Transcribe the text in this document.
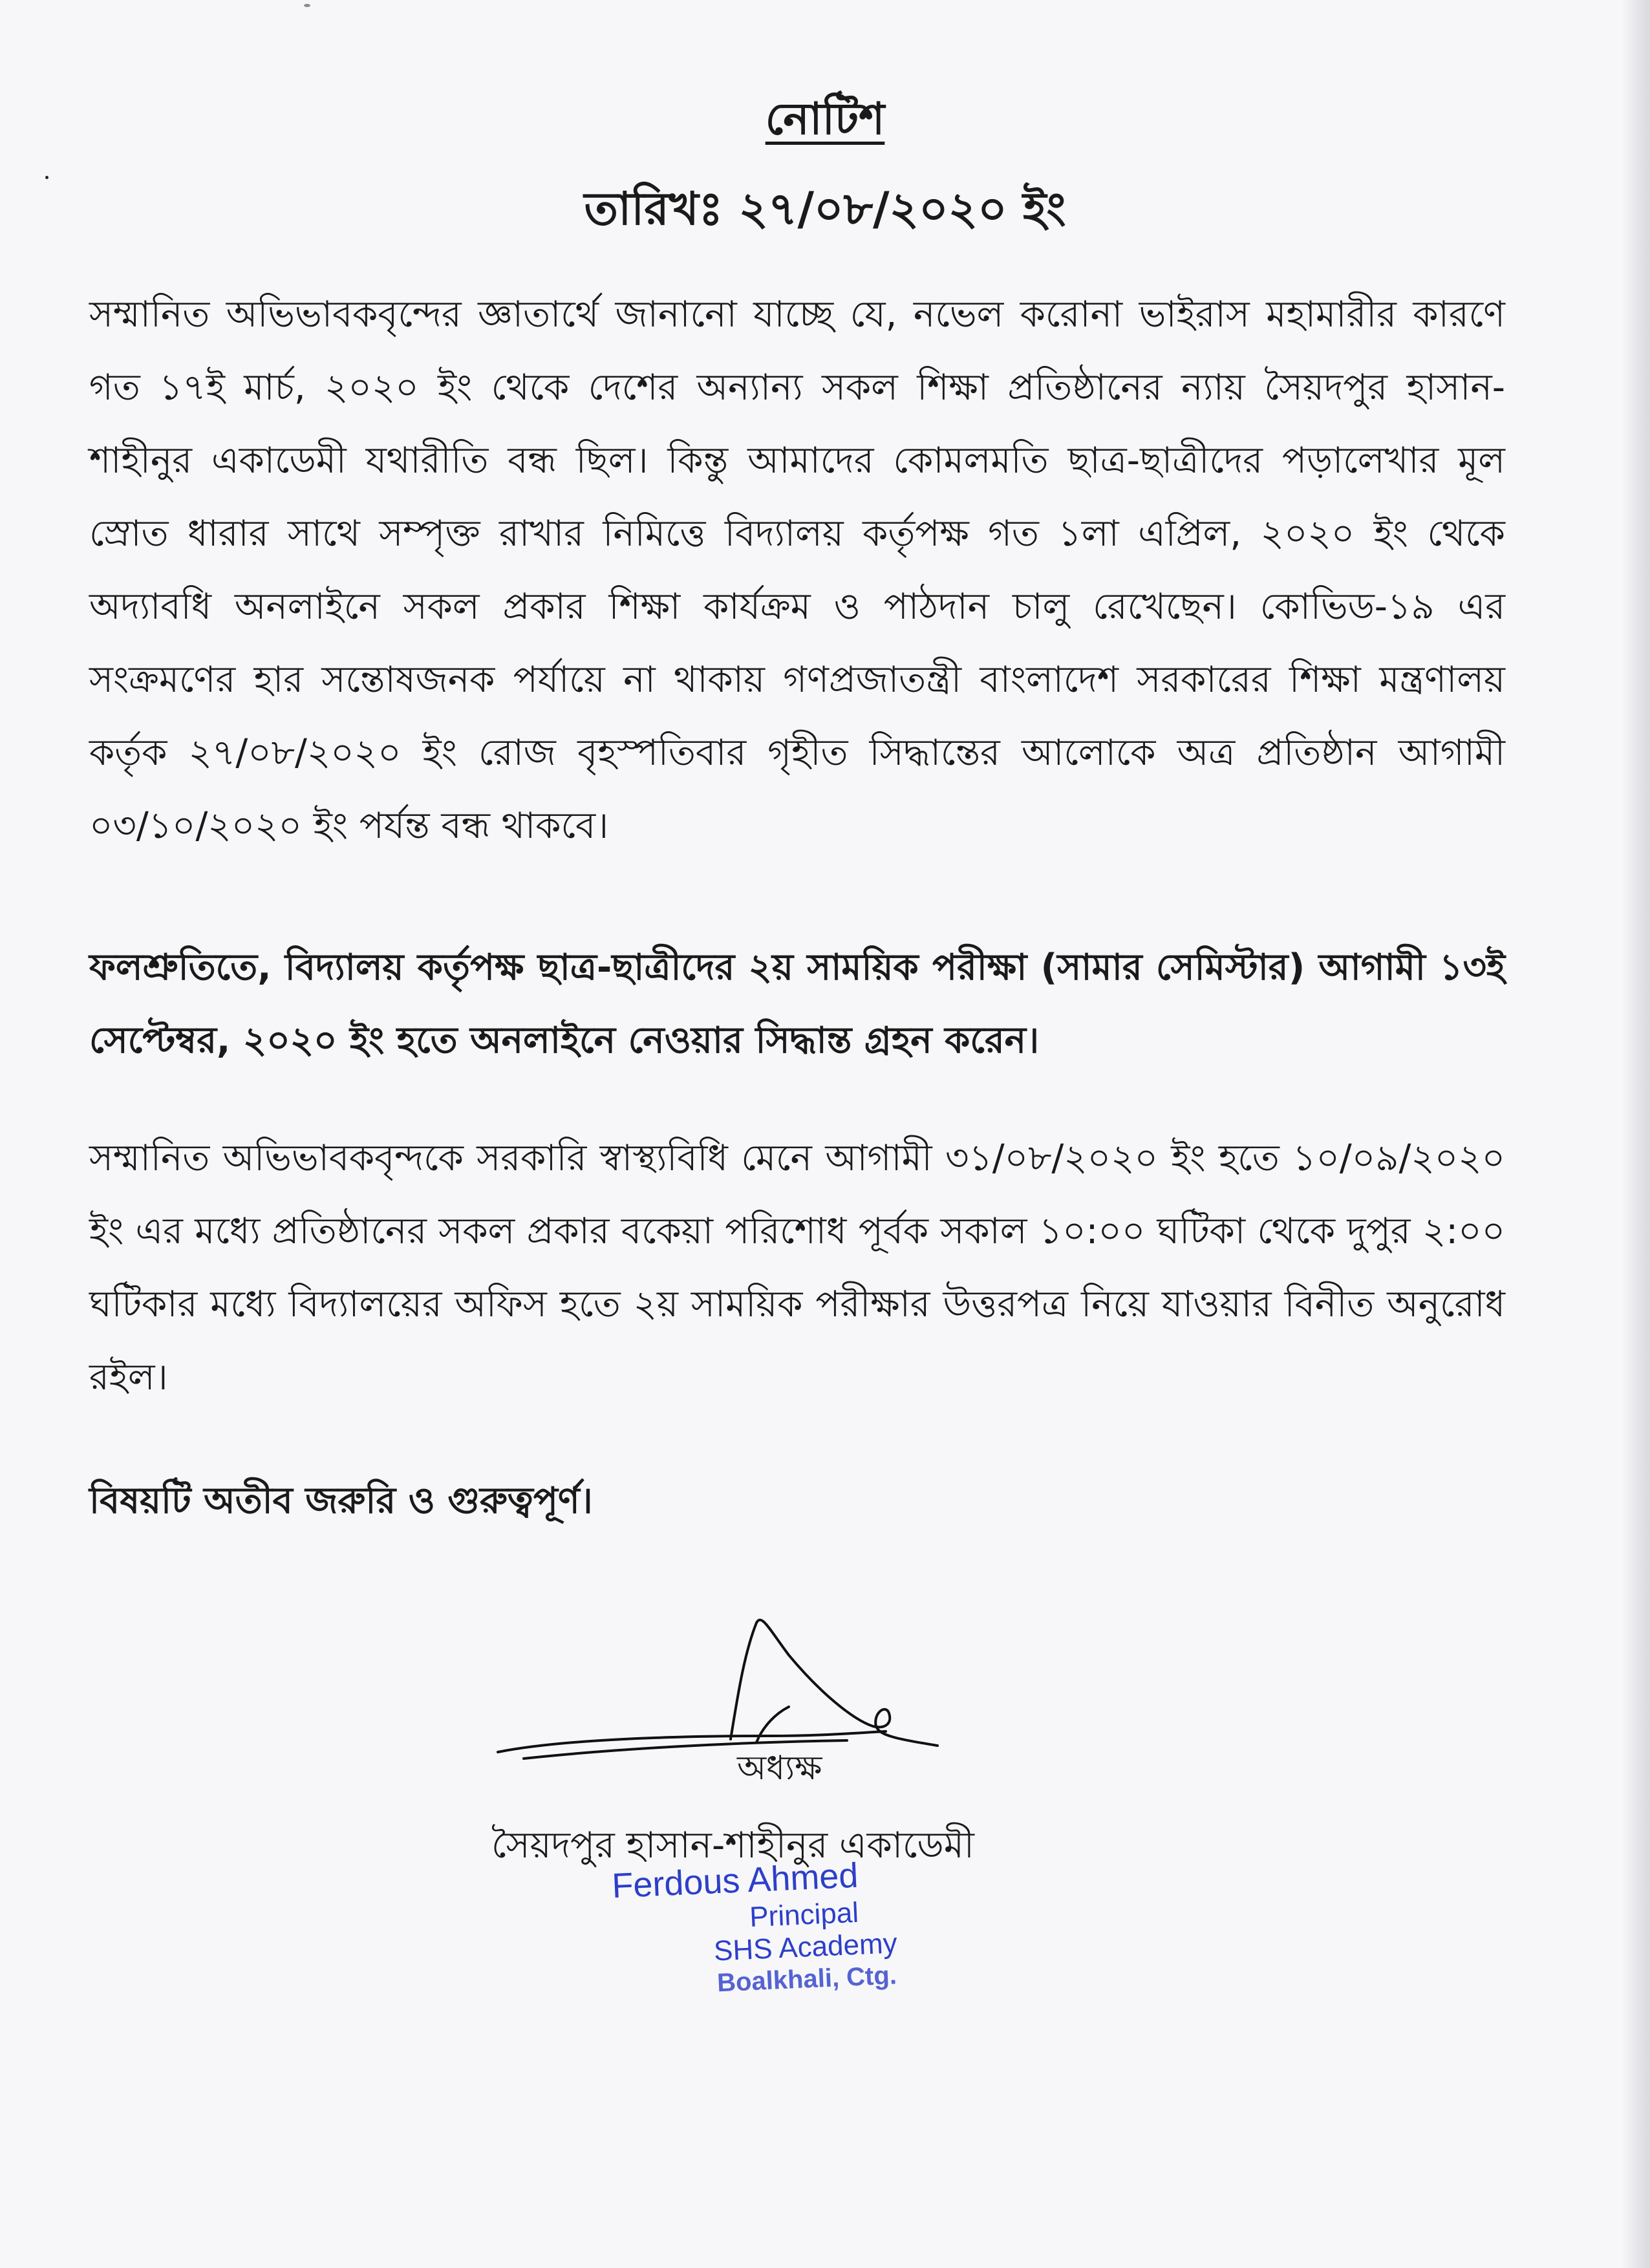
নোটিশ
তারিখঃ ২৭/০৮/২০২০ ইং
সম্মানিত অভিভাবকবৃন্দের জ্ঞাতার্থে জানানো যাচ্ছে যে, নভেল করোনা ভাইরাস মহামারীর কারণে গত ১৭ই মার্চ, ২০২০ ইং থেকে দেশের অন্যান্য সকল শিক্ষা প্রতিষ্ঠানের ন্যায় সৈয়দপুর হাসান-শাহীনুর একাডেমী যথারীতি বন্ধ ছিল। কিন্তু আমাদের কোমলমতি ছাত্র-ছাত্রীদের পড়ালেখার মূল স্রোত ধারার সাথে সম্পৃক্ত রাখার নিমিত্তে বিদ্যালয় কর্তৃপক্ষ গত ১লা এপ্রিল, ২০২০ ইং থেকে অদ্যাবধি অনলাইনে সকল প্রকার শিক্ষা কার্যক্রম ও পাঠদান চালু রেখেছেন। কোভিড-১৯ এর সংক্রমণের হার সন্তোষজনক পর্যায়ে না থাকায় গণপ্রজাতন্ত্রী বাংলাদেশ সরকারের শিক্ষা মন্ত্রণালয় কর্তৃক ২৭/০৮/২০২০ ইং রোজ বৃহস্পতিবার গৃহীত সিদ্ধান্তের আলোকে অত্র প্রতিষ্ঠান আগামী ০৩/১০/২০২০ ইং পর্যন্ত বন্ধ থাকবে।
ফলশ্রুতিতে, বিদ্যালয় কর্তৃপক্ষ ছাত্র-ছাত্রীদের ২য় সাময়িক পরীক্ষা (সামার সেমিস্টার) আগামী ১৩ই সেপ্টেম্বর, ২০২০ ইং হতে অনলাইনে নেওয়ার সিদ্ধান্ত গ্রহন করেন।
সম্মানিত অভিভাবকবৃন্দকে সরকারি স্বাস্থ্যবিধি মেনে আগামী ৩১/০৮/২০২০ ইং হতে ১০/০৯/২০২০ ইং এর মধ্যে প্রতিষ্ঠানের সকল প্রকার বকেয়া পরিশোধ পূর্বক সকাল ১০:০০ ঘটিকা থেকে দুপুর ২:০০ ঘটিকার মধ্যে বিদ্যালয়ের অফিস হতে ২য় সাময়িক পরীক্ষার উত্তরপত্র নিয়ে যাওয়ার বিনীত অনুরোধ রইল।
বিষয়টি অতীব জরুরি ও গুরুত্বপূর্ণ।
অধ্যক্ষ
সৈয়দপুর হাসান-শাহীনুর একাডেমী
Ferdous Ahmed
Principal
SHS Academy
Boalkhali, Ctg.
